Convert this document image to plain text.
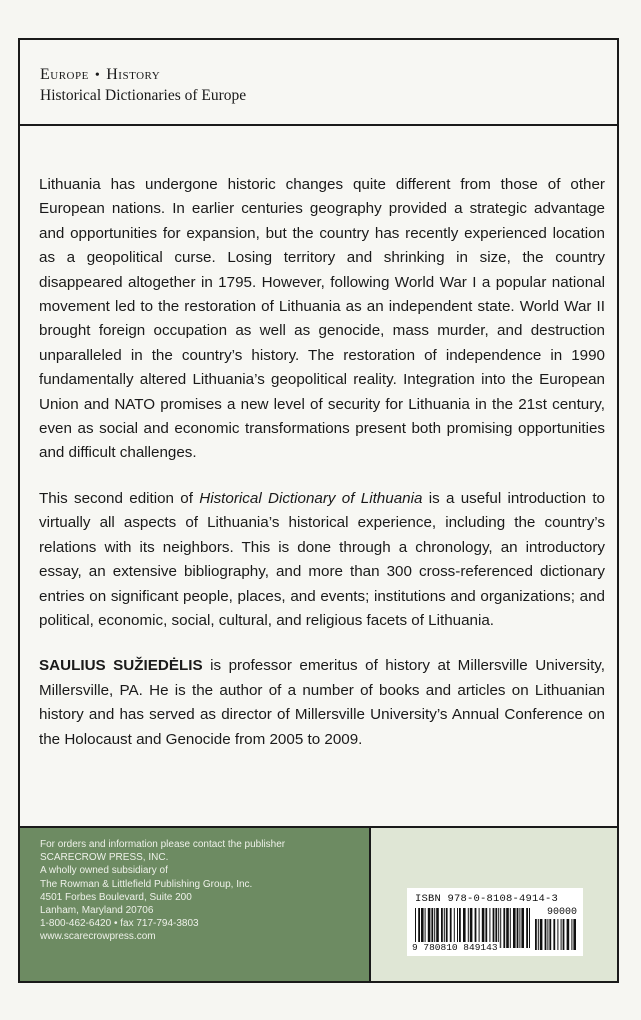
Europe • History
Historical Dictionaries of Europe

Lithuania has undergone historic changes quite different from those of other European nations. In earlier centuries geography provided a strategic advantage and opportunities for expansion, but the country has recently experienced location as a geopolitical curse. Losing territory and shrinking in size, the country disappeared altogether in 1795. However, following World War I a popular national movement led to the restoration of Lithuania as an independent state. World War II brought foreign occupation as well as genocide, mass murder, and destruction unparalleled in the country’s history. The restoration of independence in 1990 fundamentally altered Lithuania’s geopolitical reality. Integration into the European Union and NATO promises a new level of security for Lithuania in the 21st century, even as social and economic transformations present both promising opportunities and difficult challenges.

This second edition of Historical Dictionary of Lithuania is a useful introduction to virtually all aspects of Lithuania’s historical experience, including the country’s relations with its neighbors. This is done through a chronology, an introductory essay, an extensive bibliography, and more than 300 cross-referenced dictionary entries on significant people, places, and events; institutions and organizations; and political, economic, social, cultural, and religious facets of Lithuania.

SAULIUS SUŽIEDĖLIS is professor emeritus of history at Millersville University, Millersville, PA. He is the author of a number of books and articles on Lithuanian history and has served as director of Millersville University’s Annual Conference on the Holocaust and Genocide from 2005 to 2009.

For orders and information please contact the publisher
SCARECROW PRESS, INC.
A wholly owned subsidiary of
The Rowman & Littlefield Publishing Group, Inc.
4501 Forbes Boulevard, Suite 200
Lanham, Maryland 20706
1-800-462-6420 • fax 717-794-3803
www.scarecrowpress.com
ISBN 978-0-8108-4914-3
90000
9 780810 849143
